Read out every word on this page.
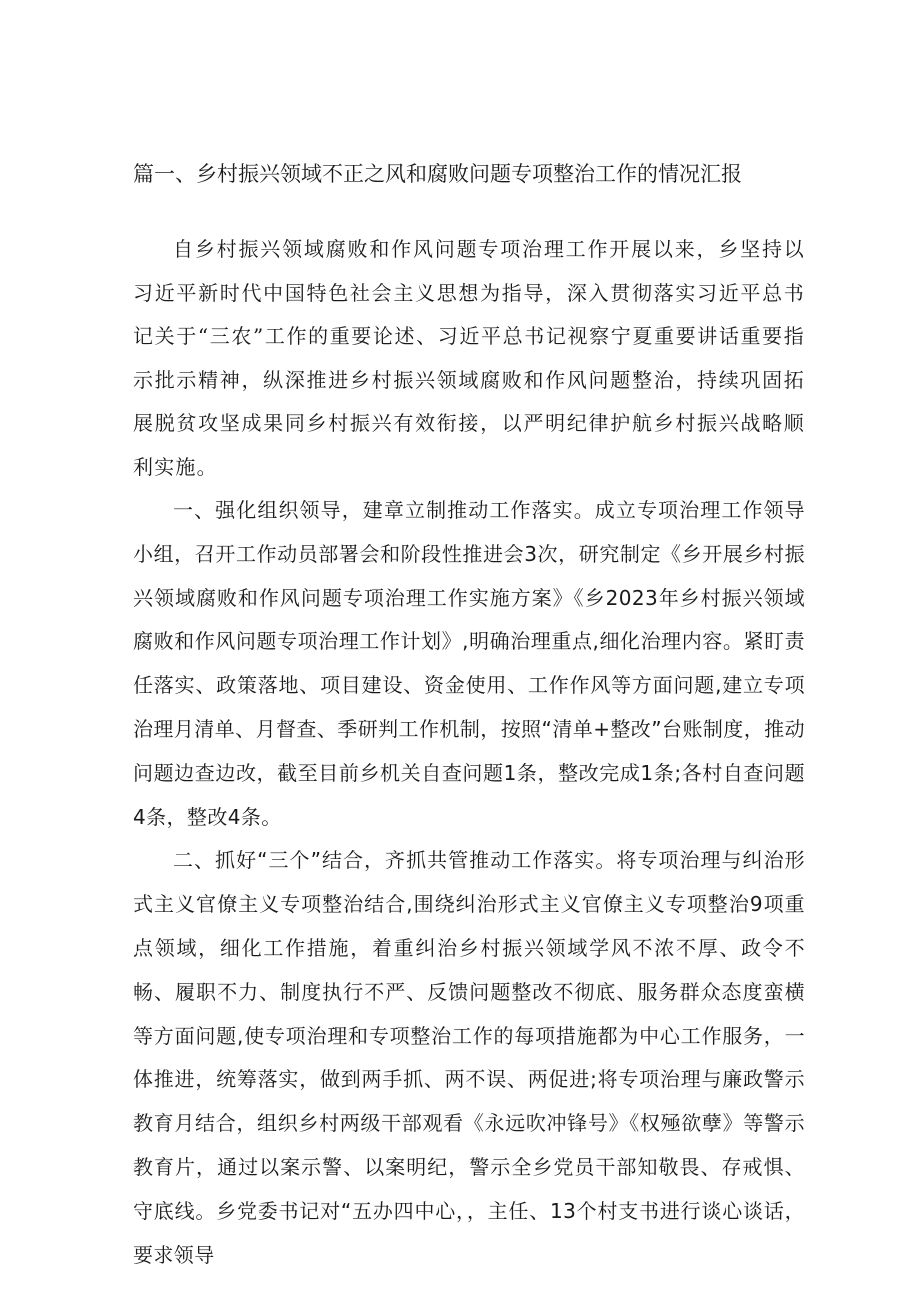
篇一、乡村振兴领域不正之风和腐败问题专项整治工作的情况汇报

自乡村振兴领域腐败和作风问题专项治理工作开展以来，乡坚持以习近平新时代中国特色社会主义思想为指导，深入贯彻落实习近平总书记关于“三农”工作的重要论述、习近平总书记视察宁夏重要讲话重要指示批示精神，纵深推进乡村振兴领域腐败和作风问题整治，持续巩固拓展脱贫攻坚成果同乡村振兴有效衔接，以严明纪律护航乡村振兴战略顺利实施。

一、强化组织领导，建章立制推动工作落实。成立专项治理工作领导小组，召开工作动员部署会和阶段性推进会3次，研究制定《乡开展乡村振兴领域腐败和作风问题专项治理工作实施方案》《乡2023年乡村振兴领域腐败和作风问题专项治理工作计划》,明确治理重点,细化治理内容。紧盯责任落实、政策落地、项目建设、资金使用、工作作风等方面问题,建立专项治理月清单、月督查、季研判工作机制，按照“清单+整改”台账制度，推动问题边查边改，截至目前乡机关自查问题1条，整改完成1条;各村自查问题4条，整改4条。

二、抓好“三个”结合，齐抓共管推动工作落实。将专项治理与纠治形式主义官僚主义专项整治结合,围绕纠治形式主义官僚主义专项整治9项重点领域，细化工作措施，着重纠治乡村振兴领域学风不浓不厚、政令不畅、履职不力、制度执行不严、反馈问题整改不彻底、服务群众态度蛮横等方面问题,使专项治理和专项整治工作的每项措施都为中心工作服务，一体推进，统筹落实，做到两手抓、两不误、两促进;将专项治理与廉政警示教育月结合，组织乡村两级干部观看《永远吹冲锋号》《权殛欲孽》等警示教育片，通过以案示警、以案明纪，警示全乡党员干部知敬畏、存戒惧、守底线。乡党委书记对“五办四中心，，主任、13个村支书进行谈心谈话，要求领导
